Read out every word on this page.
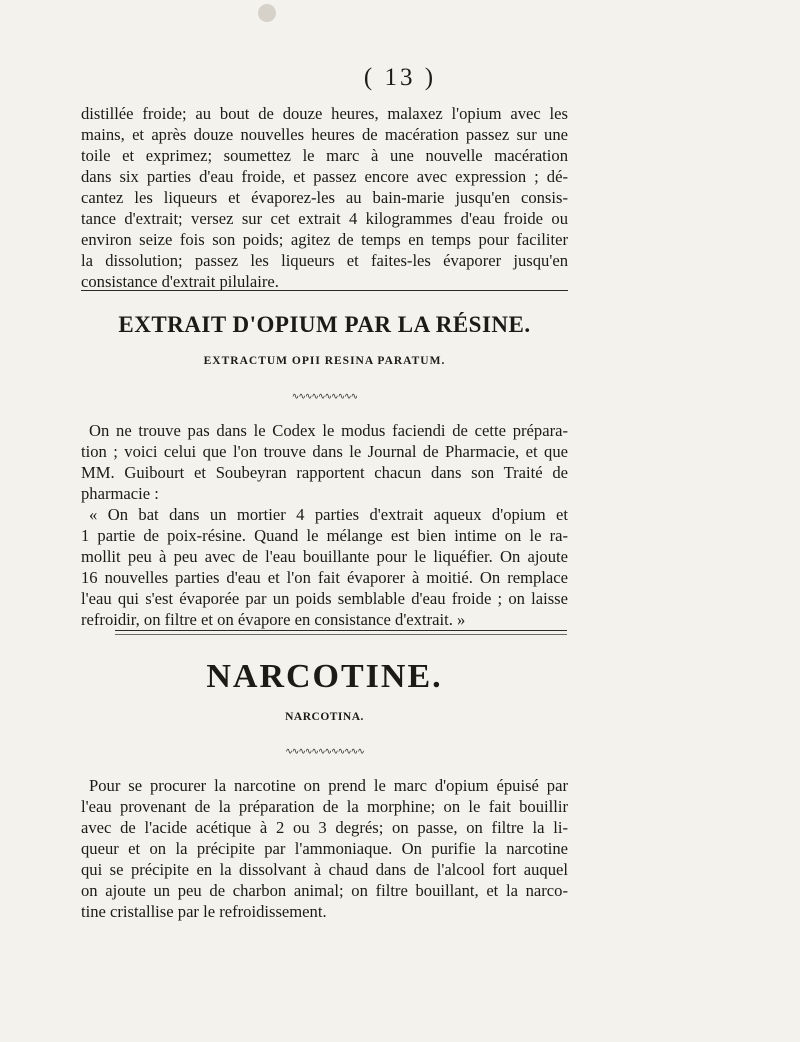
( 13 )
distillée froide; au bout de douze heures, malaxez l'opium avec les
mains, et après douze nouvelles heures de macération passez sur une
toile et exprimez; soumettez le marc à une nouvelle macération
dans six parties d'eau froide, et passez encore avec expression ; dé-
cantez les liqueurs et évaporez-les au bain-marie jusqu'en consis-
tance d'extrait; versez sur cet extrait 4 kilogrammes d'eau froide ou
environ seize fois son poids; agitez de temps en temps pour faciliter
la dissolution; passez les liqueurs et faites-les évaporer jusqu'en
consistance d'extrait pilulaire.
EXTRAIT D'OPIUM PAR LA RÉSINE.
EXTRACTUM OPII RESINA PARATUM.
∿∿∿∿∿∿∿∿∿∿
On ne trouve pas dans le Codex le modus faciendi de cette prépara-
tion ; voici celui que l'on trouve dans le Journal de Pharmacie, et que
MM. Guibourt et Soubeyran rapportent chacun dans son Traité de
pharmacie :
« On bat dans un mortier 4 parties d'extrait aqueux d'opium et
1 partie de poix-résine. Quand le mélange est bien intime on le ra-
mollit peu à peu avec de l'eau bouillante pour le liquéfier. On ajoute
16 nouvelles parties d'eau et l'on fait évaporer à moitié. On remplace
l'eau qui s'est évaporée par un poids semblable d'eau froide ; on laisse
refroidir, on filtre et on évapore en consistance d'extrait. »
NARCOTINE.
NARCOTINA.
∿∿∿∿∿∿∿∿∿∿∿∿
Pour se procurer la narcotine on prend le marc d'opium épuisé par
l'eau provenant de la préparation de la morphine; on le fait bouillir
avec de l'acide acétique à 2 ou 3 degrés; on passe, on filtre la li-
queur et on la précipite par l'ammoniaque. On purifie la narcotine
qui se précipite en la dissolvant à chaud dans de l'alcool fort auquel
on ajoute un peu de charbon animal; on filtre bouillant, et la narco-
tine cristallise par le refroidissement.
